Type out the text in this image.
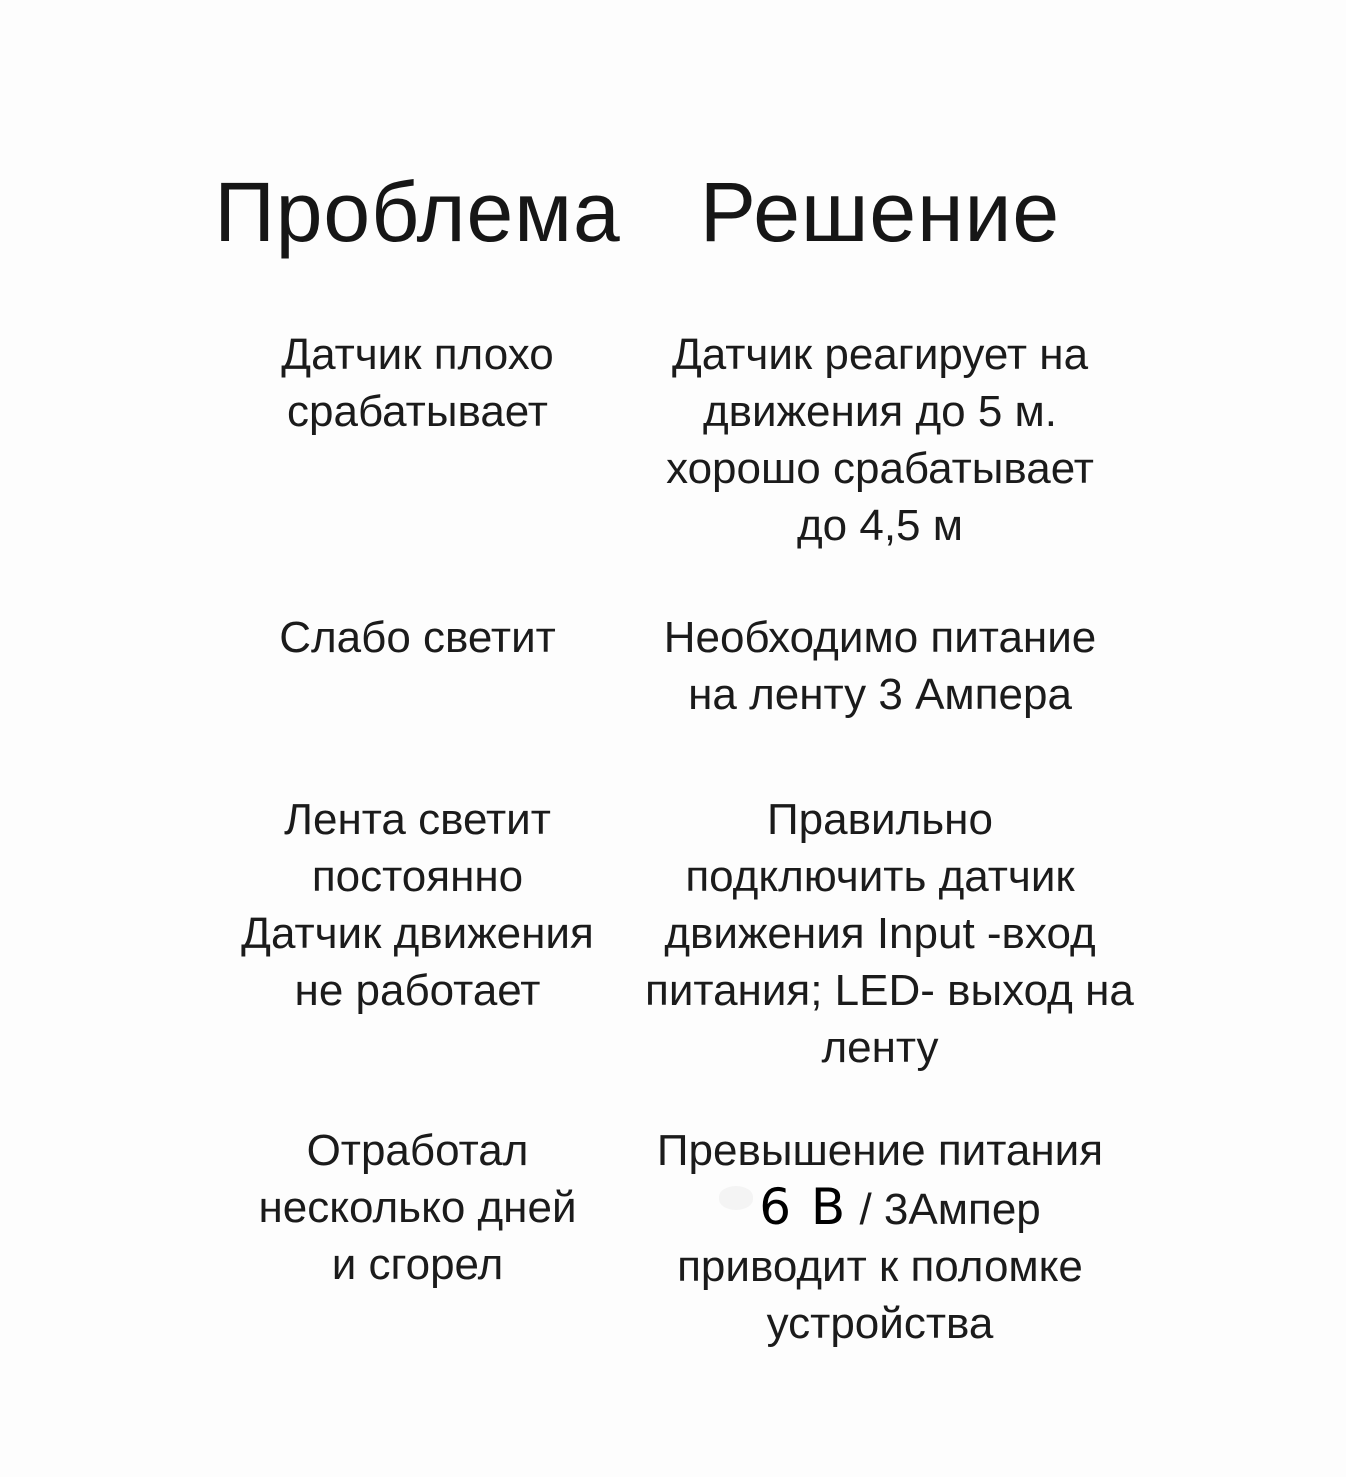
Проблема Решение
Датчик плохо
срабатывает
Датчик реагирует на
движения до 5 м.
хорошо срабатывает
до 4,5 м
Слабо светит	Необходимо питание
на ленту 3 Ампера
Лента светит
постоянно
Датчик движения
не работает
Правильно
подключить датчик
движения Input -вход
питания; LED- выход на
ленту
Отработал
несколько дней
и сгорел
Превышение питания
6 В / 3Ампер
приводит к поломке
устройства
